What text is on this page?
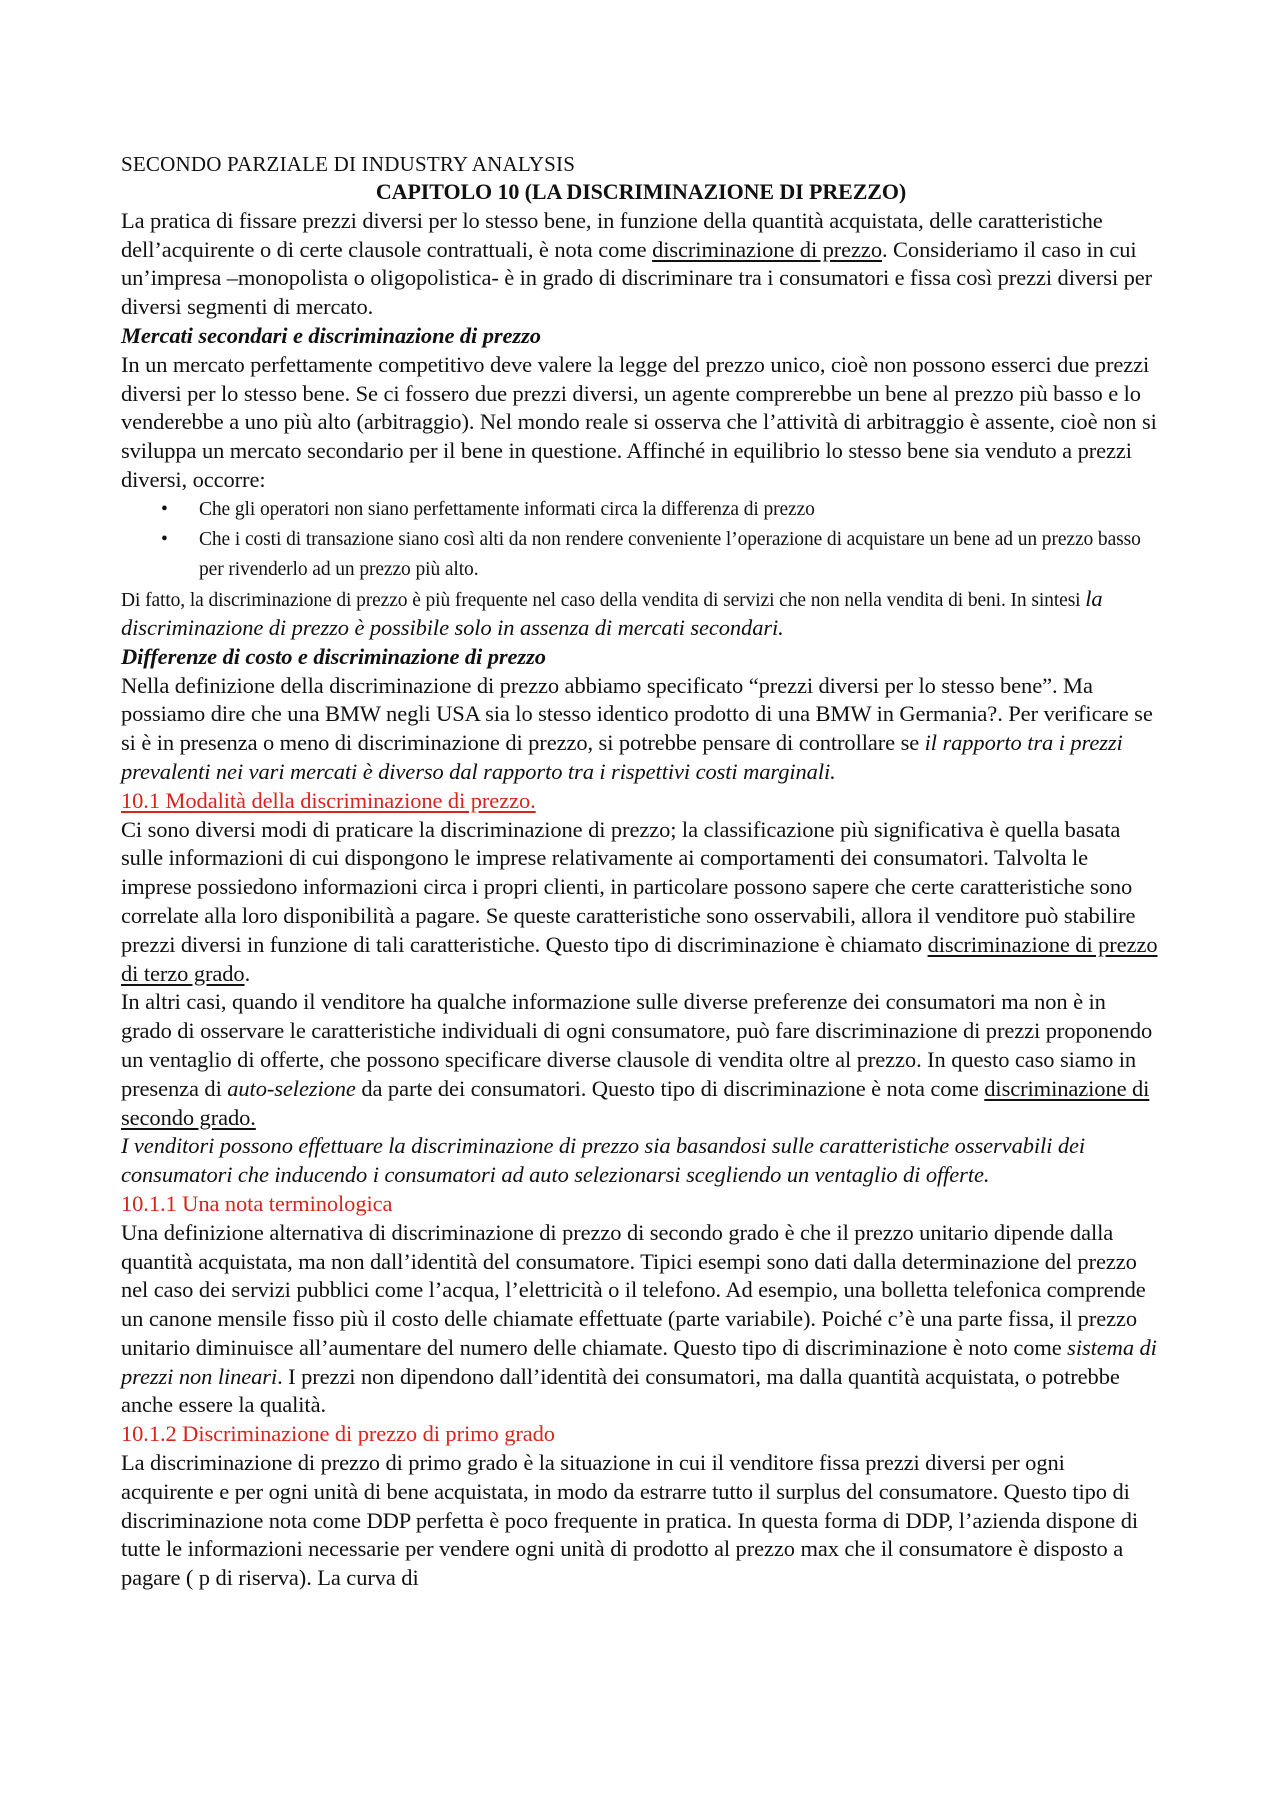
SECONDO PARZIALE DI INDUSTRY ANALYSIS

CAPITOLO 10 (LA DISCRIMINAZIONE DI PREZZO)

La pratica di fissare prezzi diversi per lo stesso bene, in funzione della quantità acquistata, delle caratteristiche dell’acquirente o di certe clausole contrattuali, è nota come discriminazione di prezzo. Consideriamo il caso in cui un’impresa –monopolista o oligopolistica- è in grado di discriminare tra i consumatori e fissa così prezzi diversi per diversi segmenti di mercato.

Mercati secondari e discriminazione di prezzo

In un mercato perfettamente competitivo deve valere la legge del prezzo unico, cioè non possono esserci due prezzi diversi per lo stesso bene. Se ci fossero due prezzi diversi, un agente comprerebbe un bene al prezzo più basso e lo venderebbe a uno più alto (arbitraggio). Nel mondo reale si osserva che l’attività di arbitraggio è assente, cioè non si sviluppa un mercato secondario per il bene in questione. Affinché in equilibrio lo stesso bene sia venduto a prezzi diversi, occorre:

• Che gli operatori non siano perfettamente informati circa la differenza di prezzo
• Che i costi di transazione siano così alti da non rendere conveniente l’operazione di acquistare un bene ad un prezzo basso per rivenderlo ad un prezzo più alto.

Di fatto, la discriminazione di prezzo è più frequente nel caso della vendita di servizi che non nella vendita di beni. In sintesi la discriminazione di prezzo è possibile solo in assenza di mercati secondari.

Differenze di costo e discriminazione di prezzo

Nella definizione della discriminazione di prezzo abbiamo specificato “prezzi diversi per lo stesso bene”. Ma possiamo dire che una BMW negli USA sia lo stesso identico prodotto di una BMW in Germania?. Per verificare se si è in presenza o meno di discriminazione di prezzo, si potrebbe pensare di controllare se il rapporto tra i prezzi prevalenti nei vari mercati è diverso dal rapporto tra i rispettivi costi marginali.

10.1 Modalità della discriminazione di prezzo.

Ci sono diversi modi di praticare la discriminazione di prezzo; la classificazione più significativa è quella basata sulle informazioni di cui dispongono le imprese relativamente ai comportamenti dei consumatori. Talvolta le imprese possiedono informazioni circa i propri clienti, in particolare possono sapere che certe caratteristiche sono correlate alla loro disponibilità a pagare. Se queste caratteristiche sono osservabili, allora il venditore può stabilire prezzi diversi in funzione di tali caratteristiche. Questo tipo di discriminazione è chiamato discriminazione di prezzo di terzo grado.

In altri casi, quando il venditore ha qualche informazione sulle diverse preferenze dei consumatori ma non è in grado di osservare le caratteristiche individuali di ogni consumatore, può fare discriminazione di prezzi proponendo un ventaglio di offerte, che possono specificare diverse clausole di vendita oltre al prezzo. In questo caso siamo in presenza di auto-selezione da parte dei consumatori. Questo tipo di discriminazione è nota come discriminazione di secondo grado.

I venditori possono effettuare la discriminazione di prezzo sia basandosi sulle caratteristiche osservabili dei consumatori che inducendo i consumatori ad auto selezionarsi scegliendo un ventaglio di offerte.

10.1.1 Una nota terminologica

Una definizione alternativa di discriminazione di prezzo di secondo grado è che il prezzo unitario dipende dalla quantità acquistata, ma non dall’identità del consumatore. Tipici esempi sono dati dalla determinazione del prezzo nel caso dei servizi pubblici come l’acqua, l’elettricità o il telefono. Ad esempio, una bolletta telefonica comprende un canone mensile fisso più il costo delle chiamate effettuate (parte variabile). Poiché c’è una parte fissa, il prezzo unitario diminuisce all’aumentare del numero delle chiamate. Questo tipo di discriminazione è noto come sistema di prezzi non lineari. I prezzi non dipendono dall’identità dei consumatori, ma dalla quantità acquistata, o potrebbe anche essere la qualità.

10.1.2 Discriminazione di prezzo di primo grado

La discriminazione di prezzo di primo grado è la situazione in cui il venditore fissa prezzi diversi per ogni acquirente e per ogni unità di bene acquistata, in modo da estrarre tutto il surplus del consumatore. Questo tipo di discriminazione nota come DDP perfetta è poco frequente in pratica. In questa forma di DDP, l’azienda dispone di tutte le informazioni necessarie per vendere ogni unità di prodotto al prezzo max che il consumatore è disposto a pagare ( p di riserva). La curva di
